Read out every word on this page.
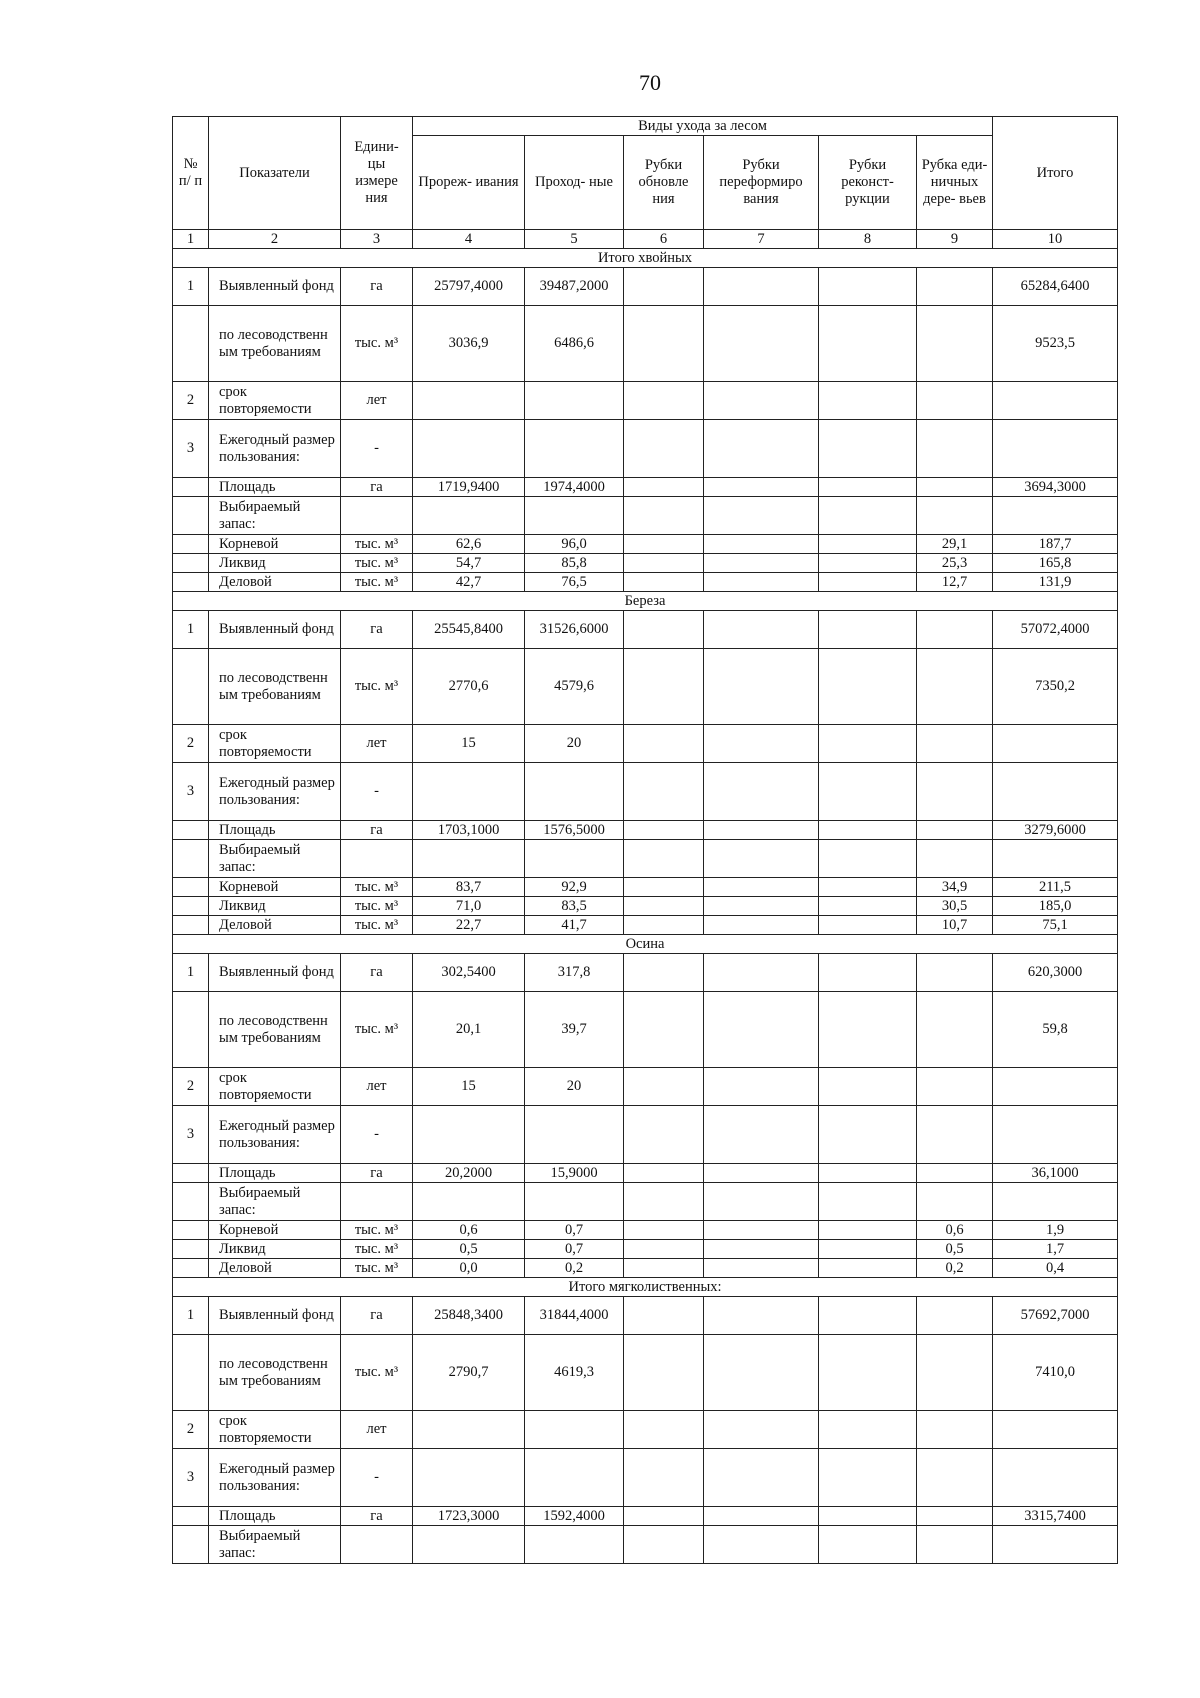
70
№ п/ п	Показатели	Едини- цы измере ния	Виды ухода за лесом						Итого
			Прореж- ивания	Проход- ные	Рубки обновле ния	Рубки переформиро вания	Рубки реконст- рукции	Рубка еди- ничных дере- вьев	
1	2	3	4	5	6	7	8	9	10
Итого хвойных									
1	Выявленный фонд	га	25797,4000	39487,2000					65284,6400
	по лесоводственн ым требованиям	тыс. м³	3036,9	6486,6					9523,5
2	срок повторяемости	лет							
3	Ежегодный размер пользования:	-							
	Площадь	га	1719,9400	1974,4000					3694,3000
	Выбираемый запас:								
	Корневой	тыс. м³	62,6	96,0				29,1	187,7
	Ликвид	тыс. м³	54,7	85,8				25,3	165,8
	Деловой	тыс. м³	42,7	76,5				12,7	131,9
Береза									
1	Выявленный фонд	га	25545,8400	31526,6000					57072,4000
	по лесоводственн ым требованиям	тыс. м³	2770,6	4579,6					7350,2
2	срок повторяемости	лет	15	20					
3	Ежегодный размер пользования:	-							
	Площадь	га	1703,1000	1576,5000					3279,6000
	Выбираемый запас:								
	Корневой	тыс. м³	83,7	92,9				34,9	211,5
	Ликвид	тыс. м³	71,0	83,5				30,5	185,0
	Деловой	тыс. м³	22,7	41,7				10,7	75,1
Осина									
1	Выявленный фонд	га	302,5400	317,8					620,3000
	по лесоводственн ым требованиям	тыс. м³	20,1	39,7					59,8
2	срок повторяемости	лет	15	20					
3	Ежегодный размер пользования:	-							
	Площадь	га	20,2000	15,9000					36,1000
	Выбираемый запас:								
	Корневой	тыс. м³	0,6	0,7				0,6	1,9
	Ликвид	тыс. м³	0,5	0,7				0,5	1,7
	Деловой	тыс. м³	0,0	0,2				0,2	0,4
Итого мягколиственных:									
1	Выявленный фонд	га	25848,3400	31844,4000					57692,7000
	по лесоводственн ым требованиям	тыс. м³	2790,7	4619,3					7410,0
2	срок повторяемости	лет							
3	Ежегодный размер пользования:	-							
	Площадь	га	1723,3000	1592,4000					3315,7400
	Выбираемый запас:								
